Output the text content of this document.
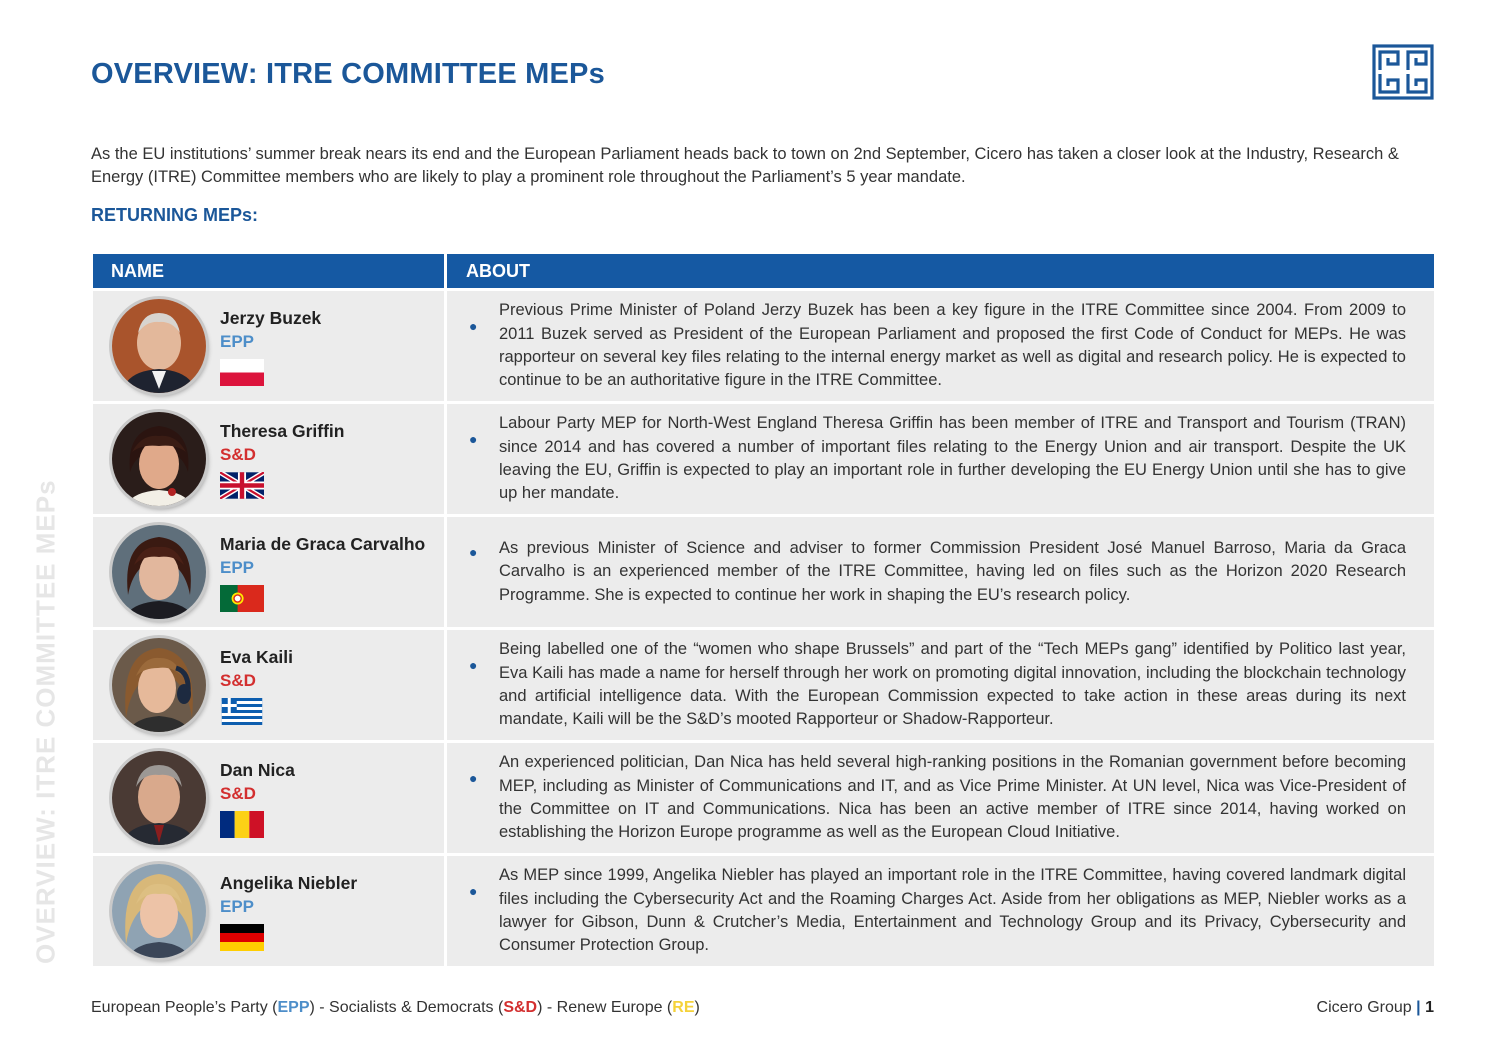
OVERVIEW: ITRE COMMITTEE MEPs
As the EU institutions’ summer break nears its end and the European Parliament heads back to town on 2nd September, Cicero has taken a closer look at the Industry, Research & Energy (ITRE) Committee members who are likely to play a prominent role throughout the Parliament’s 5 year mandate.
RETURNING MEPs:
OVERVIEW: ITRE COMMITTEE MEPs
NAME	ABOUT
Jerzy Buzek
EPP
●
Previous Prime Minister of Poland Jerzy Buzek has been a key figure in the ITRE Committee since 2004. From 2009 to 2011 Buzek served as President of the European Parliament and proposed the first Code of Conduct for MEPs. He was rapporteur on several key files relating to the internal energy market as well as digital and research policy. He is expected to continue to be an authoritative figure in the ITRE Committee.
Theresa Griffin
S&D
●
Labour Party MEP for North-West England Theresa Griffin has been member of ITRE and Transport and Tourism (TRAN) since 2014 and has covered a number of important files relating to the Energy Union and air transport. Despite the UK leaving the EU, Griffin is expected to play an important role in further developing the EU Energy Union until she has to give up her mandate.
Maria de Graca Carvalho
EPP
● As previous Minister of Science and adviser to former Commission President José Manuel Barroso, Maria da Graca Carvalho is an experienced member of the ITRE Committee, having led on files such as the Horizon 2020 Research Programme. She is expected to continue her work in shaping the EU’s research policy.
Eva Kaili
S&D
●
Being labelled one of the “women who shape Brussels” and part of the “Tech MEPs gang” identified by Politico last year, Eva Kaili has made a name for herself through her work on promoting digital innovation, including the blockchain technology and artificial intelligence data. With the European Commission expected to take action in these areas during its next mandate, Kaili will be the S&D’s mooted Rapporteur or Shadow-Rapporteur.
Dan Nica
S&D
●
An experienced politician, Dan Nica has held several high-ranking positions in the Romanian government before becoming MEP, including as Minister of Communications and IT, and as Vice Prime Minister. At UN level, Nica was Vice-President of the Committee on IT and Communications. Nica has been an active member of ITRE since 2014, having worked on establishing the Horizon Europe programme as well as the European Cloud Initiative.
Angelika Niebler
EPP
●
As MEP since 1999, Angelika Niebler has played an important role in the ITRE Committee, having covered landmark digital files including the Cybersecurity Act and the Roaming Charges Act. Aside from her obligations as MEP, Niebler works as a lawyer for Gibson, Dunn & Crutcher’s Media, Entertainment and Technology Group and its Privacy, Cybersecurity and Consumer Protection Group.
European People’s Party (EPP) - Socialists & Democrats (S&D) - Renew Europe (RE)	Cicero Group | 1
